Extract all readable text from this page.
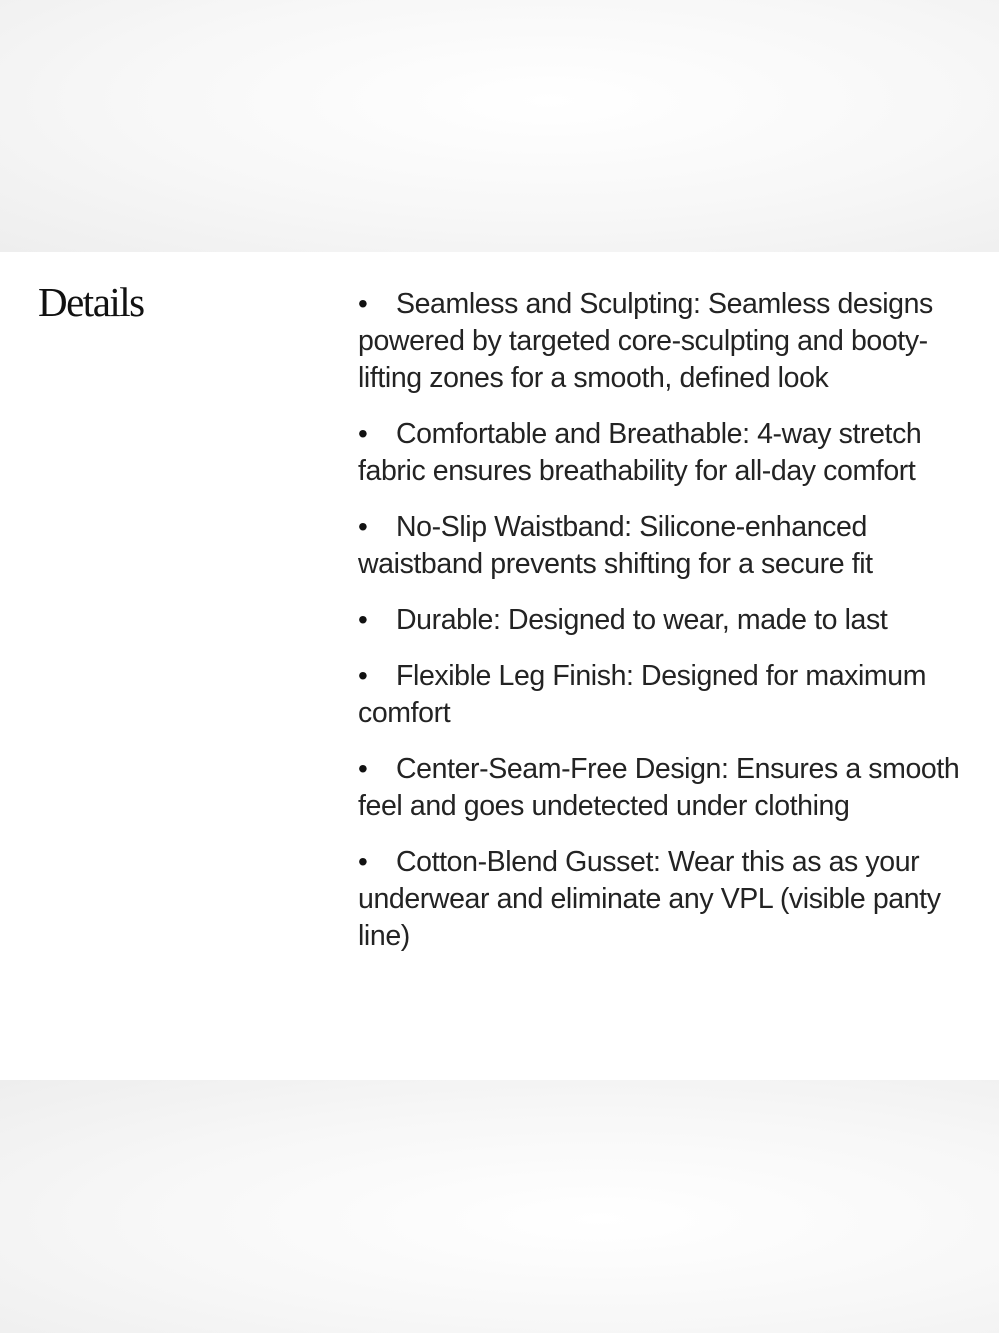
Details	• Seamless and Sculpting: Seamless designs powered by targeted core-sculpting and booty-lifting zones for a smooth, defined look
• Comfortable and Breathable: 4-way stretch fabric ensures breathability for all-day comfort
• No-Slip Waistband: Silicone-enhanced waistband prevents shifting for a secure fit
• Durable: Designed to wear, made to last
• Flexible Leg Finish: Designed for maximum comfort
• Center-Seam-Free Design: Ensures a smooth feel and goes undetected under clothing
• Cotton-Blend Gusset: Wear this as as your underwear and eliminate any VPL (visible panty line)
